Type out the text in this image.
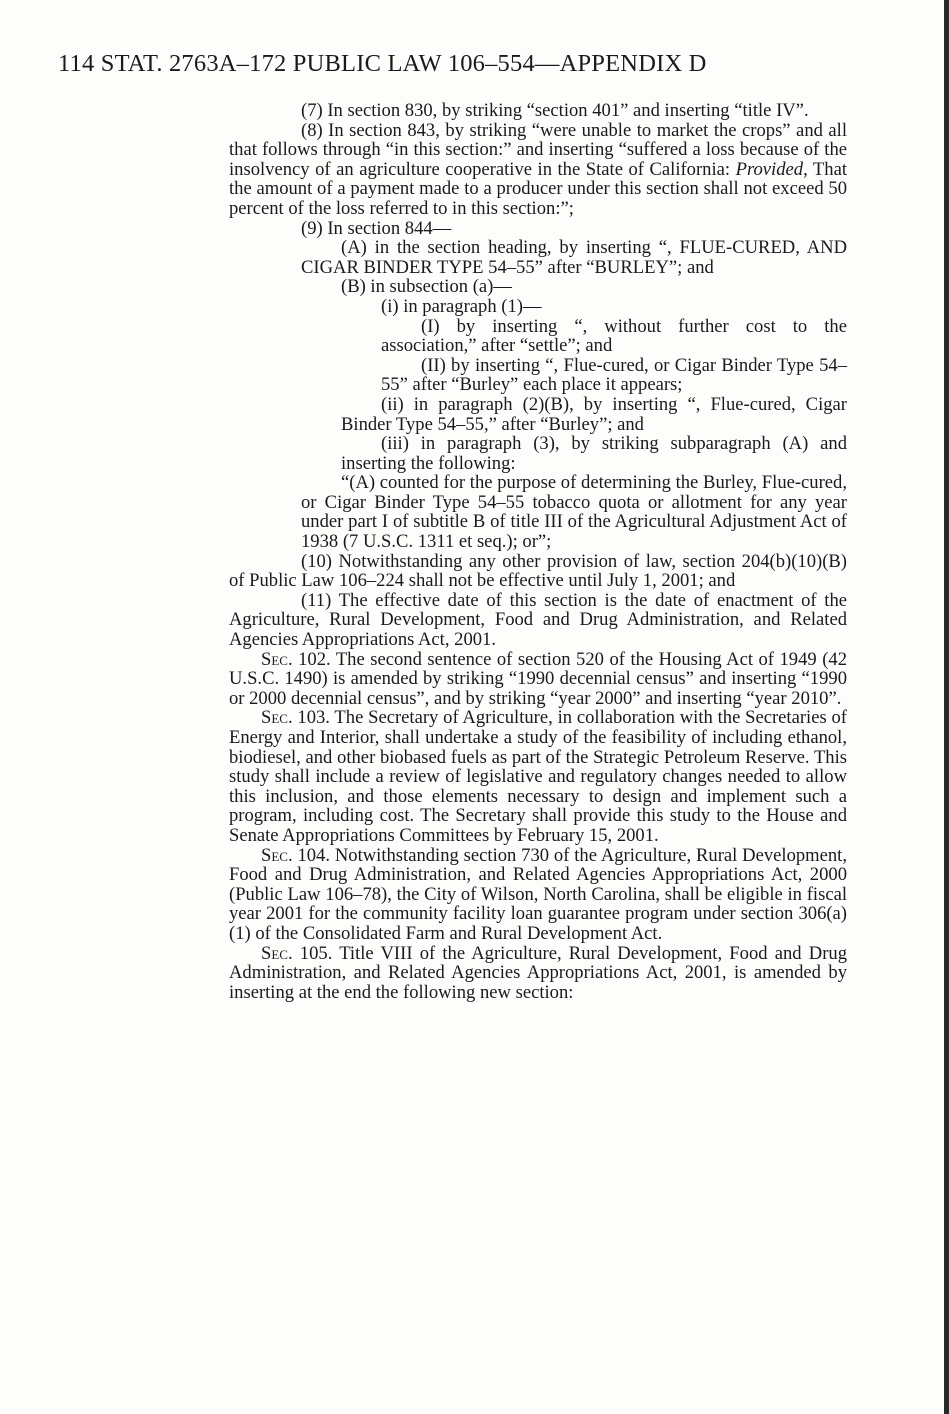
114 STAT. 2763A–172 PUBLIC LAW 106–554—APPENDIX D

(7) In section 830, by striking “section 401” and inserting “title IV”.

(8) In section 843, by striking “were unable to market the crops” and all that follows through “in this section:” and inserting “suffered a loss because of the insolvency of an agriculture cooperative in the State of California: Provided, That the amount of a payment made to a producer under this section shall not exceed 50 percent of the loss referred to in this section:”;

(9) In section 844—

(A) in the section heading, by inserting “, FLUE-CURED, AND CIGAR BINDER TYPE 54–55” after “BURLEY”; and

(B) in subsection (a)—

(i) in paragraph (1)—

(I) by inserting “, without further cost to the association,” after “settle”; and

(II) by inserting “, Flue-cured, or Cigar Binder Type 54–55” after “Burley” each place it appears;

(ii) in paragraph (2)(B), by inserting “, Flue-cured, Cigar Binder Type 54–55,” after “Burley”; and

(iii) in paragraph (3), by striking subparagraph (A) and inserting the following:

“(A) counted for the purpose of determining the Burley, Flue-cured, or Cigar Binder Type 54–55 tobacco quota or allotment for any year under part I of subtitle B of title III of the Agricultural Adjustment Act of 1938 (7 U.S.C. 1311 et seq.); or”;

(10) Notwithstanding any other provision of law, section 204(b)(10)(B) of Public Law 106–224 shall not be effective until July 1, 2001; and

(11) The effective date of this section is the date of enactment of the Agriculture, Rural Development, Food and Drug Administration, and Related Agencies Appropriations Act, 2001.

Sec. 102. The second sentence of section 520 of the Housing Act of 1949 (42 U.S.C. 1490) is amended by striking “1990 decennial census” and inserting “1990 or 2000 decennial census”, and by striking “year 2000” and inserting “year 2010”.

Sec. 103. The Secretary of Agriculture, in collaboration with the Secretaries of Energy and Interior, shall undertake a study of the feasibility of including ethanol, biodiesel, and other biobased fuels as part of the Strategic Petroleum Reserve. This study shall include a review of legislative and regulatory changes needed to allow this inclusion, and those elements necessary to design and implement such a program, including cost. The Secretary shall provide this study to the House and Senate Appropriations Committees by February 15, 2001.

Sec. 104. Notwithstanding section 730 of the Agriculture, Rural Development, Food and Drug Administration, and Related Agencies Appropriations Act, 2000 (Public Law 106–78), the City of Wilson, North Carolina, shall be eligible in fiscal year 2001 for the community facility loan guarantee program under section 306(a)(1) of the Consolidated Farm and Rural Development Act.

Sec. 105. Title VIII of the Agriculture, Rural Development, Food and Drug Administration, and Related Agencies Appropriations Act, 2001, is amended by inserting at the end the following new section:
